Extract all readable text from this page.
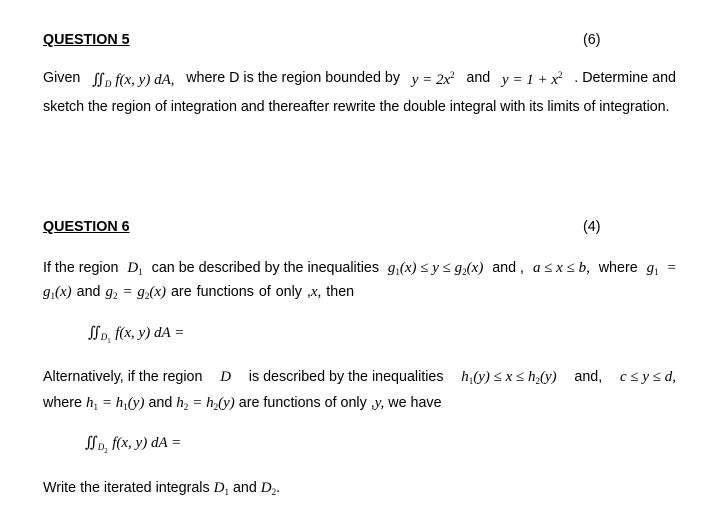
QUESTION 5	(6)
Given $∬_D$ f(x, y) dA, where D is the region bounded by $y = 2x^2$ and $y = 1 + x^2$ . Determine and
sketch the region of integration and thereafter rewrite the double integral with its limits of integration.
QUESTION 6	(4)
If the region $D_1$ can be described by the inequalities $g_1(x) \le y \le g_2(x)$ and , a ≤ x ≤ b, where $g_1$ =
$g_1(x)$ and $g_2 = g_2(x)$ are functions of only ,x, then
$∬_{D1}$ f(x, y) dA =
Alternatively, if the region D is described by the inequalities $h_1(y) \le x \le h_2(y)$ and, c ≤ y ≤ d,
where $h_1 = h_1(y)$ and $h_2 = h_2(y)$ are functions of only ,y, we have
$∬_{D2}$ f(x, y) dA =
Write the iterated integrals $D_1$ and $D_2$.
